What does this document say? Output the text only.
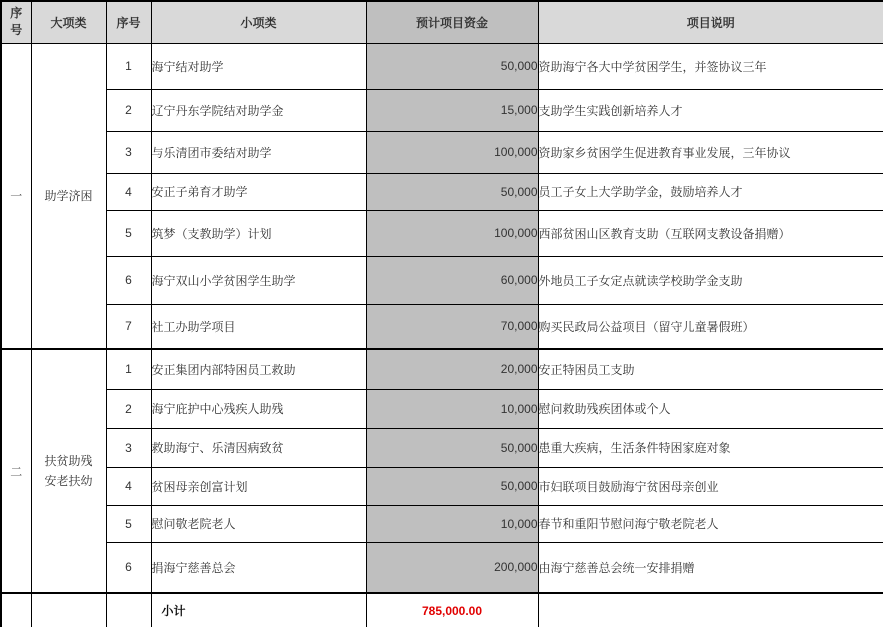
序号	大项类	序号	小项类	预计项目资金	项目说明
一	助学济困	1	海宁结对助学	50,000	资助海宁各大中学贫困学生，并签协议三年
		2	辽宁丹东学院结对助学金	15,000	支助学生实践创新培养人才
		3	与乐清团市委结对助学	100,000	资助家乡贫困学生促进教育事业发展，三年协议
		4	安正子弟育才助学	50,000	员工子女上大学助学金，鼓励培养人才
		5	筑梦（支教助学）计划	100,000	西部贫困山区教育支助（互联网支教设备捐赠）
		6	海宁双山小学贫困学生助学	60,000	外地员工子女定点就读学校助学金支助
		7	社工办助学项目	70,000	购买民政局公益项目（留守儿童暑假班）
二	扶贫助残安老扶幼	1	安正集团内部特困员工救助	20,000	安正特困员工支助
		2	海宁庇护中心残疾人助残	10,000	慰问救助残疾团体或个人
		3	救助海宁、乐清因病致贫	50,000	患重大疾病，生活条件特困家庭对象
		4	贫困母亲创富计划	50,000	市妇联项目鼓励海宁贫困母亲创业
		5	慰问敬老院老人	10,000	春节和重阳节慰问海宁敬老院老人
		6	捐海宁慈善总会	200,000	由海宁慈善总会统一安排捐赠
			小计	785,000.00	
